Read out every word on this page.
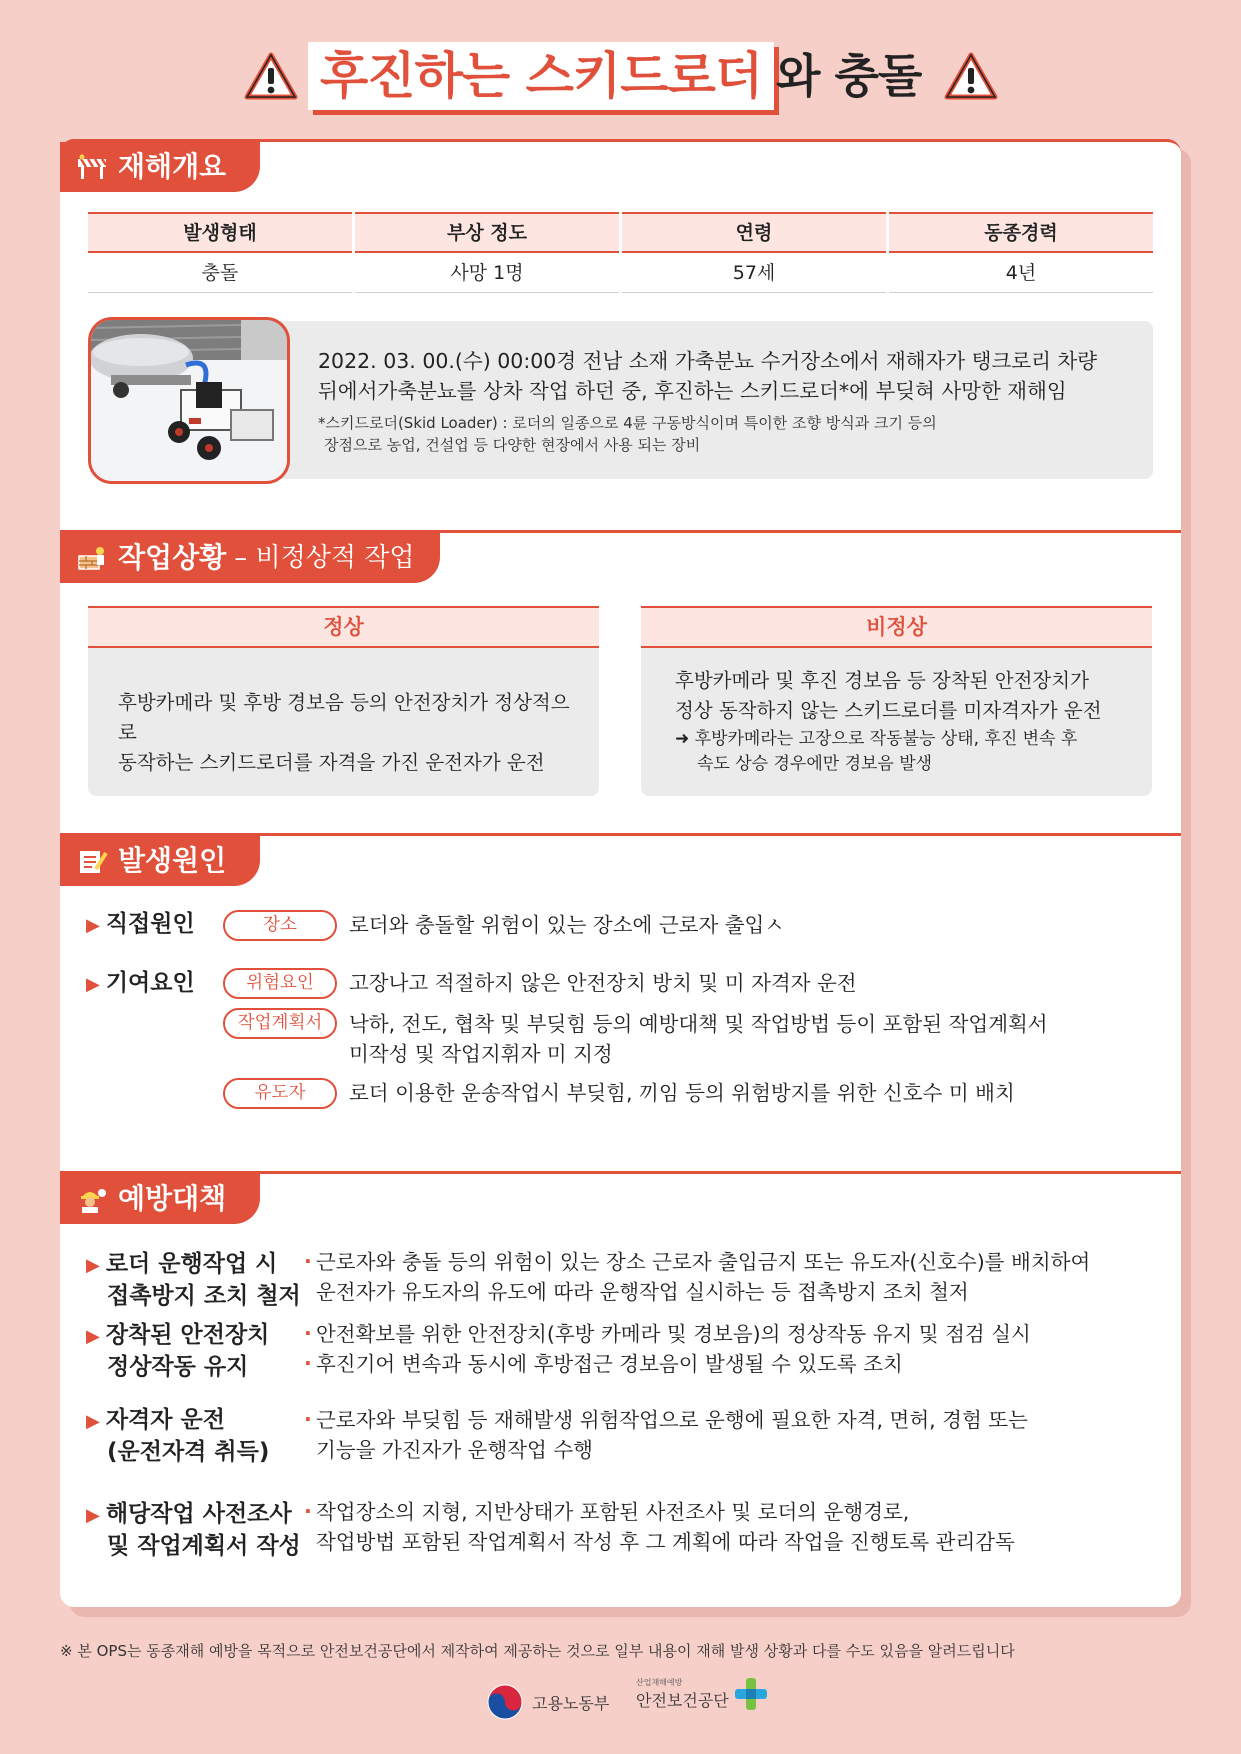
후진하는 스키드로더 와 충돌
재해개요
발생형태	부상 정도	연령	동종경력
충돌	사망 1명	57세	4년
2022. 03. 00.(수) 00:00경 전남 소재 가축분뇨 수거장소에서 재해자가 탱크로리 차량
뒤에서가축분뇨를 상차 작업 하던 중, 후진하는 스키드로더*에 부딪혀 사망한 재해임
*스키드로더(Skid Loader) : 로더의 일종으로 4륜 구동방식이며 특이한 조향 방식과 크기 등의
장점으로 농업, 건설업 등 다양한 현장에서 사용 되는 장비
작업상황 – 비정상적 작업
정상
후방카메라 및 후방 경보음 등의 안전장치가 정상적으로
동작하는 스키드로더를 자격을 가진 운전자가 운전
비정상
후방카메라 및 후진 경보음 등 장착된 안전장치가
정상 동작하지 않는 스키드로더를 미자격자가 운전
➜ 후방카메라는 고장으로 작동불능 상태, 후진 변속 후
속도 상승 경우에만 경보음 발생
발생원인
▶ 직접원인	장소	로더와 충돌할 위험이 있는 장소에 근로자 출입ㅅ
▶ 기여요인	위험요인	고장나고 적절하지 않은 안전장치 방치 및 미 자격자 운전
작업계획서	낙하, 전도, 협착 및 부딪힘 등의 예방대책 및 작업방법 등이 포함된 작업계획서
미작성 및 작업지휘자 미 지정
유도자	로더 이용한 운송작업시 부딪힘, 끼임 등의 위험방지를 위한 신호수 미 배치
예방대책
▶ 로더 운행작업 시
접촉방지 조치 철저
· 근로자와 충돌 등의 위험이 있는 장소 근로자 출입금지 또는 유도자(신호수)를 배치하여
운전자가 유도자의 유도에 따라 운행작업 실시하는 등 접촉방지 조치 철저
▶ 장착된 안전장치
정상작동 유지
· 안전확보를 위한 안전장치(후방 카메라 및 경보음)의 정상작동 유지 및 점검 실시
· 후진기어 변속과 동시에 후방접근 경보음이 발생될 수 있도록 조치
▶ 자격자 운전
(운전자격 취득)
· 근로자와 부딪힘 등 재해발생 위험작업으로 운행에 필요한 자격, 면허, 경험 또는
기능을 가진자가 운행작업 수행
▶ 해당작업 사전조사
및 작업계획서 작성
· 작업장소의 지형, 지반상태가 포함된 사전조사 및 로더의 운행경로,
작업방법 포함된 작업계획서 작성 후 그 계획에 따라 작업을 진행토록 관리감독
※ 본 OPS는 동종재해 예방을 목적으로 안전보건공단에서 제작하여 제공하는 것으로 일부 내용이 재해 발생 상황과 다를 수도 있음을 알려드립니다
고용노동부
산업재해예방
안전보건공단
